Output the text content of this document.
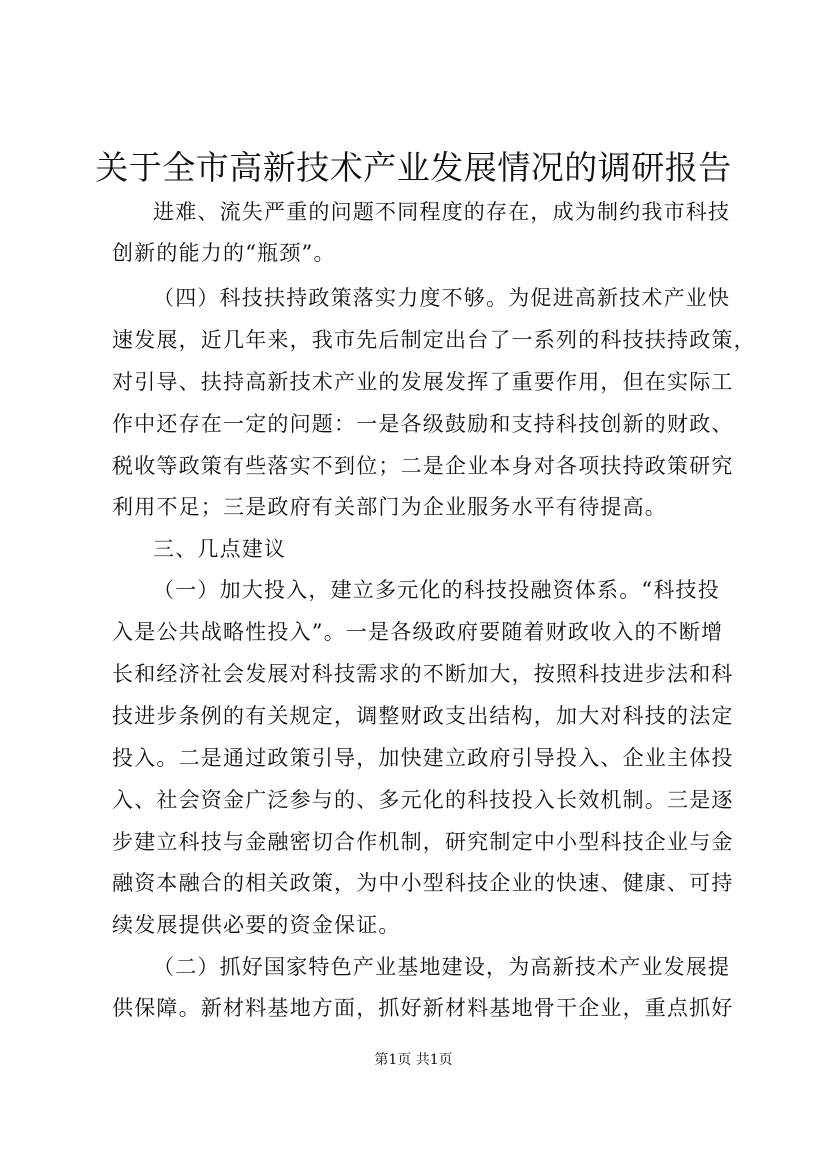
关于全市高新技术产业发展情况的调研报告
进难、流失严重的问题不同程度的存在，成为制约我市科技
创新的能力的“瓶颈”。
（四）科技扶持政策落实力度不够。为促进高新技术产业快
速发展，近几年来，我市先后制定出台了一系列的科技扶持政策，
对引导、扶持高新技术产业的发展发挥了重要作用，但在实际工
作中还存在一定的问题：一是各级鼓励和支持科技创新的财政、
税收等政策有些落实不到位；二是企业本身对各项扶持政策研究
利用不足；三是政府有关部门为企业服务水平有待提高。
三、几点建议
（一）加大投入，建立多元化的科技投融资体系。“科技投
入是公共战略性投入”。一是各级政府要随着财政收入的不断增
长和经济社会发展对科技需求的不断加大，按照科技进步法和科
技进步条例的有关规定，调整财政支出结构，加大对科技的法定
投入。二是通过政策引导，加快建立政府引导投入、企业主体投
入、社会资金广泛参与的、多元化的科技投入长效机制。三是逐
步建立科技与金融密切合作机制，研究制定中小型科技企业与金
融资本融合的相关政策，为中小型科技企业的快速、健康、可持
续发展提供必要的资金保证。
（二）抓好国家特色产业基地建设，为高新技术产业发展提
供保障。新材料基地方面，抓好新材料基地骨干企业，重点抓好
第1页 共1页
